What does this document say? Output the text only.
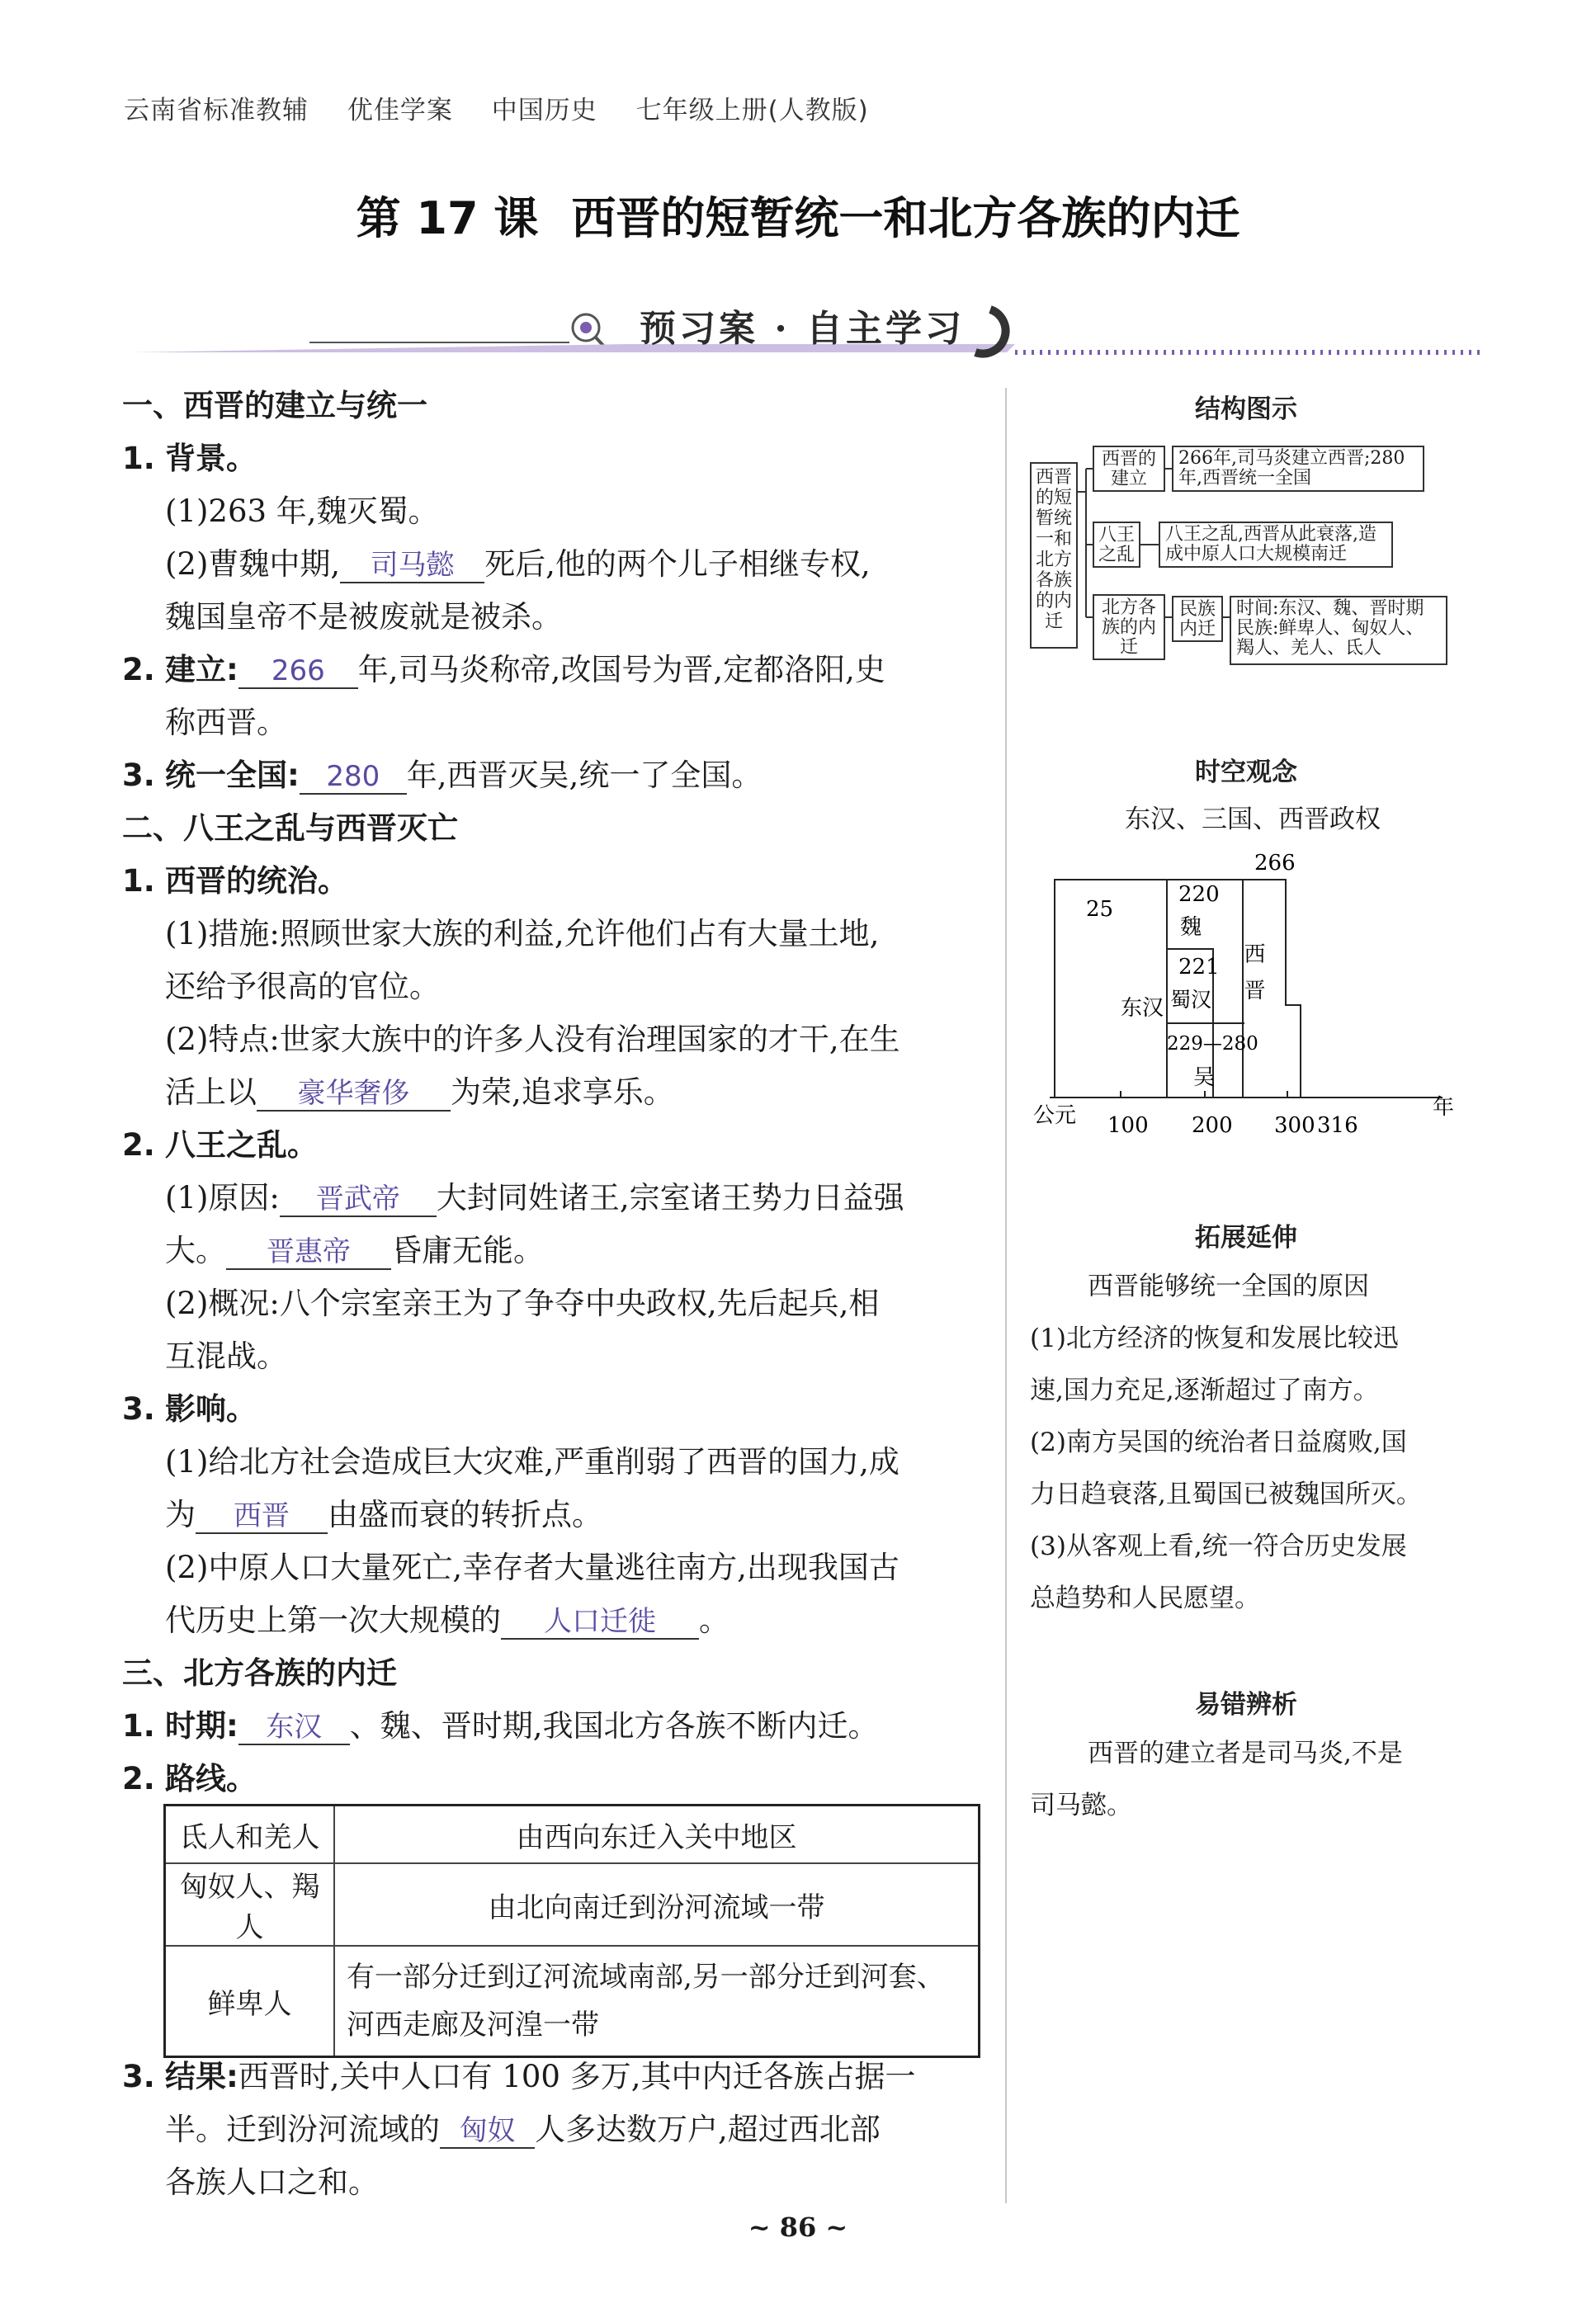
云南省标准教辅 优佳学案 中国历史 七年级上册(人教版)
第 17 课 西晋的短暂统一和北方各族的内迁
预习案 · 自主学习
一、西晋的建立与统一
1. 背景。
(1)263 年,魏灭蜀。
(2)曹魏中期, 司马懿 死后,他的两个儿子相继专权,
魏国皇帝不是被废就是被杀。
2. 建立: 266 年,司马炎称帝,改国号为晋,定都洛阳,史
称西晋。
3. 统一全国: 280 年,西晋灭吴,统一了全国。
二、八王之乱与西晋灭亡
1. 西晋的统治。
(1)措施:照顾世家大族的利益,允许他们占有大量土地,
还给予很高的官位。
(2)特点:世家大族中的许多人没有治理国家的才干,在生
活上以 豪华奢侈 为荣,追求享乐。
2. 八王之乱。
(1)原因: 晋武帝 大封同姓诸王,宗室诸王势力日益强
大。 晋惠帝 昏庸无能。
(2)概况:八个宗室亲王为了争夺中央政权,先后起兵,相
互混战。
3. 影响。
(1)给北方社会造成巨大灾难,严重削弱了西晋的国力,成
为 西晋 由盛而衰的转折点。
(2)中原人口大量死亡,幸存者大量逃往南方,出现我国古
代历史上第一次大规模的 人口迁徙 。
三、北方各族的内迁
1. 时期: 东汉 、魏、晋时期,我国北方各族不断内迁。
2. 路线。
氐人和羌人	由西向东迁入关中地区
匈奴人、羯人	由北向南迁到汾河流域一带
鲜卑人	有一部分迁到辽河流域南部,另一部分迁到河套、河西走廊及河湟一带
3. 结果:西晋时,关中人口有 100 多万,其中内迁各族占据一
半。迁到汾河流域的 匈奴 人多达数万户,超过西北部
各族人口之和。
结构图示
西晋的短暂统一和北方各族的内迁
西晋的建立
266年,司马炎建立西晋;280年,西晋统一全国
八王之乱
八王之乱,西晋从此衰落,造成中原人口大规模南迁
北方各族的内迁
民族内迁
时间:东汉、魏、晋时期
民族:鲜卑人、匈奴人、羯人、羌人、氐人
时空观念
东汉、三国、西晋政权
25
东汉
220
魏
221
蜀汉
229—280
吴
266
西晋
公元	年
100 200 300 316
拓展延伸
西晋能够统一全国的原因
(1)北方经济的恢复和发展比较迅
速,国力充足,逐渐超过了南方。
(2)南方吴国的统治者日益腐败,国
力日趋衰落,且蜀国已被魏国所灭。
(3)从客观上看,统一符合历史发展
总趋势和人民愿望。
易错辨析
西晋的建立者是司马炎,不是
司马懿。
~ 86 ~
